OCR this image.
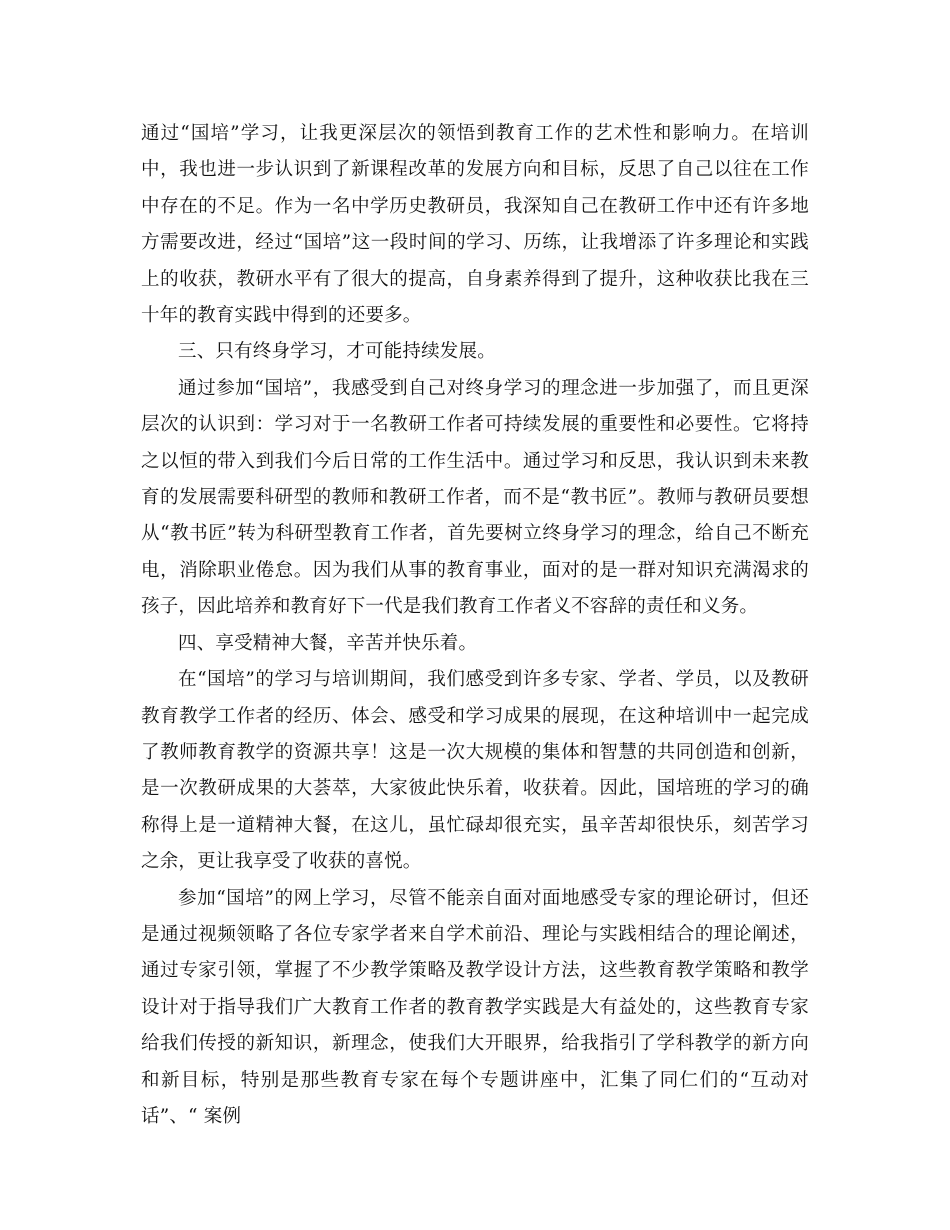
通过“国培”学习，让我更深层次的领悟到教育工作的艺术性和影响力。在培训中，我也进一步认识到了新课程改革的发展方向和目标，反思了自己以往在工作中存在的不足。作为一名中学历史教研员，我深知自己在教研工作中还有许多地方需要改进，经过“国培”这一段时间的学习、历练，让我增添了许多理论和实践上的收获，教研水平有了很大的提高，自身素养得到了提升，这种收获比我在三十年的教育实践中得到的还要多。

三、只有终身学习，才可能持续发展。

通过参加“国培”，我感受到自己对终身学习的理念进一步加强了，而且更深层次的认识到：学习对于一名教研工作者可持续发展的重要性和必要性。它将持之以恒的带入到我们今后日常的工作生活中。通过学习和反思，我认识到未来教育的发展需要科研型的教师和教研工作者，而不是“教书匠”。教师与教研员要想从“教书匠”转为科研型教育工作者，首先要树立终身学习的理念，给自己不断充电，消除职业倦怠。因为我们从事的教育事业，面对的是一群对知识充满渴求的孩子，因此培养和教育好下一代是我们教育工作者义不容辞的责任和义务。

四、享受精神大餐，辛苦并快乐着。

在“国培”的学习与培训期间，我们感受到许多专家、学者、学员，以及教研教育教学工作者的经历、体会、感受和学习成果的展现，在这种培训中一起完成了教师教育教学的资源共享！这是一次大规模的集体和智慧的共同创造和创新，是一次教研成果的大荟萃，大家彼此快乐着，收获着。因此，国培班的学习的确称得上是一道精神大餐，在这儿，虽忙碌却很充实，虽辛苦却很快乐，刻苦学习之余，更让我享受了收获的喜悦。

参加“国培”的网上学习，尽管不能亲自面对面地感受专家的理论研讨，但还是通过视频领略了各位专家学者来自学术前沿、理论与实践相结合的理论阐述，通过专家引领，掌握了不少教学策略及教学设计方法，这些教育教学策略和教学设计对于指导我们广大教育工作者的教育教学实践是大有益处的，这些教育专家给我们传授的新知识，新理念，使我们大开眼界，给我指引了学科教学的新方向和新目标，特别是那些教育专家在每个专题讲座中，汇集了同仁们的“互动对话”、“ 案例
